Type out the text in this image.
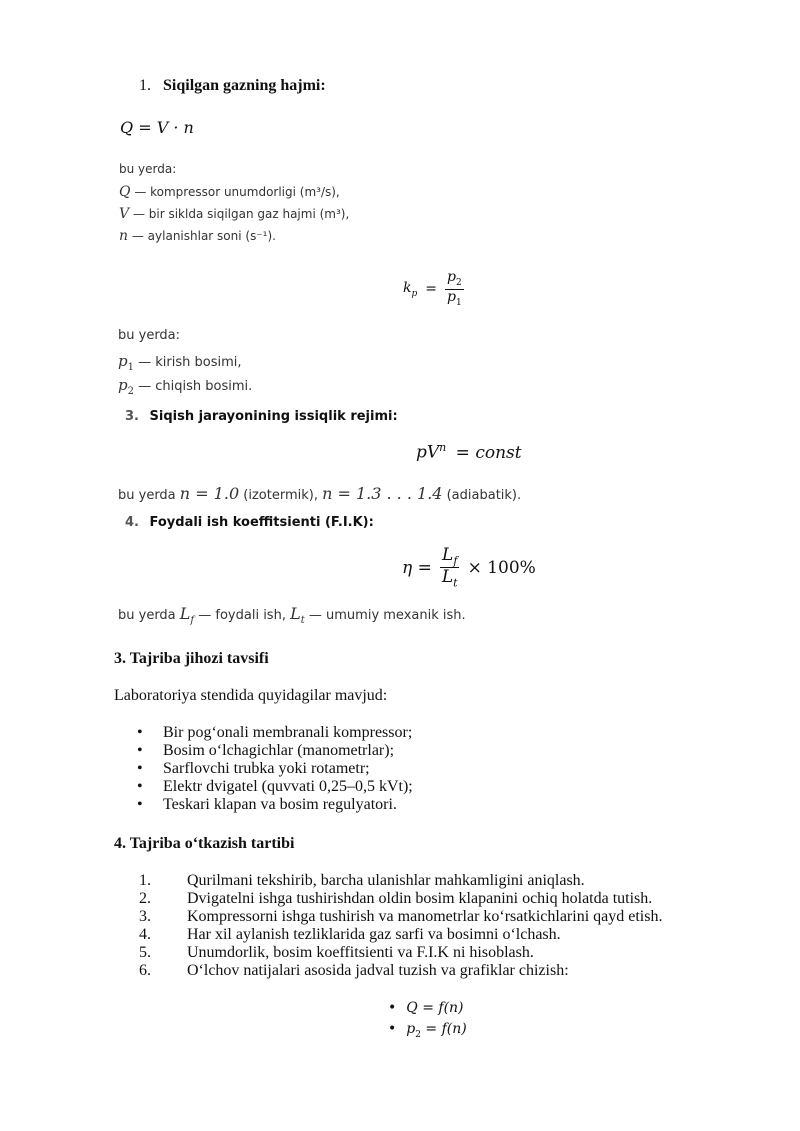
1. Siqilgan gazning hajmi:
Q = V · n
bu yerda:
Q — kompressor unumdorligi (m³/s),
V — bir siklda siqilgan gaz hajmi (m³),
n — aylanishlar soni (s⁻¹).
$k_p = \frac{p_2}{p_1}$
bu yerda:
$p_1$ — kirish bosimi,
$p_2$ — chiqish bosimi.
3. Siqish jarayonining issiqlik rejimi:
$pV^n$ = const
bu yerda n = 1.0 (izotermik), n = 1.3 . . . 1.4 (adiabatik).
4. Foydali ish koeffitsienti (F.I.K):
$\eta = \frac{L_f}{L_t} \times 100\%$
bu yerda $L_f$ — foydali ish, $L_t$ — umumiy mexanik ish.
3. Tajriba jihozi tavsifi
Laboratoriya stendida quyidagilar mavjud:
• Bir pog‘onali membranali kompressor;
• Bosim o‘lchagichlar (manometrlar);
• Sarflovchi trubka yoki rotametr;
• Elektr dvigatel (quvvati 0,25–0,5 kVt);
• Teskari klapan va bosim regulyatori.
4. Tajriba o‘tkazish tartibi
1.	Qurilmani tekshirib, barcha ulanishlar mahkamligini aniqlash.
2.	Dvigatelni ishga tushirishdan oldin bosim klapanini ochiq holatda tutish.
3.	Kompressorni ishga tushirish va manometrlar ko‘rsatkichlarini qayd etish.
4.	Har xil aylanish tezliklarida gaz sarfi va bosimni o‘lchash.
5.	Unumdorlik, bosim koeffitsienti va F.I.K ni hisoblash.
6.	O‘lchov natijalari asosida jadval tuzish va grafiklar chizish:
• Q = f(n)
• $p_2 = f(n)$
